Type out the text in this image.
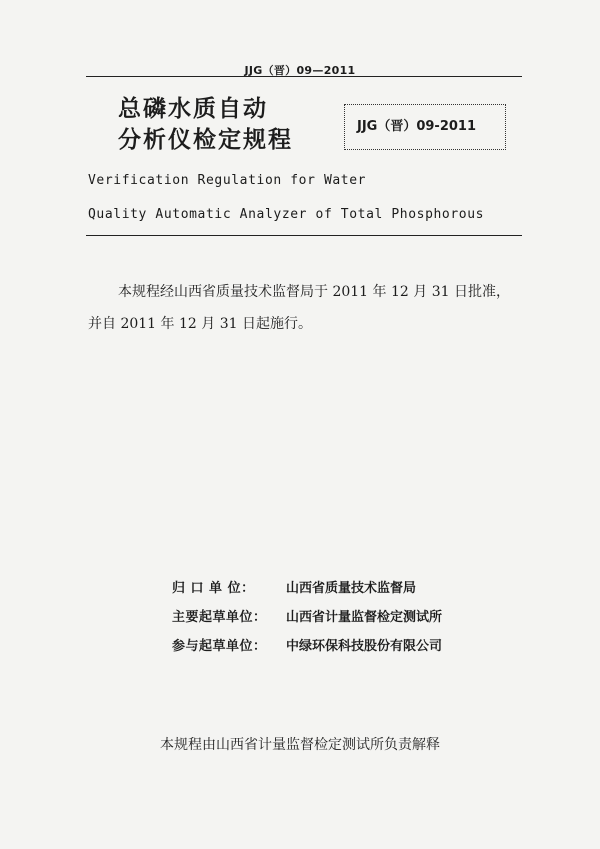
JJG（晋）09—2011
总磷水质自动
分析仪检定规程
JJG（晋）09-2011
Verification Regulation for Water
Quality Automatic Analyzer of Total Phosphorous
本规程经山西省质量技术监督局于 2011 年 12 月 31 日批准，并自 2011 年 12 月 31 日起施行。
归 口 单 位：	山西省质量技术监督局
主要起草单位：	山西省计量监督检定测试所
参与起草单位：	中绿环保科技股份有限公司
本规程由山西省计量监督检定测试所负责解释
